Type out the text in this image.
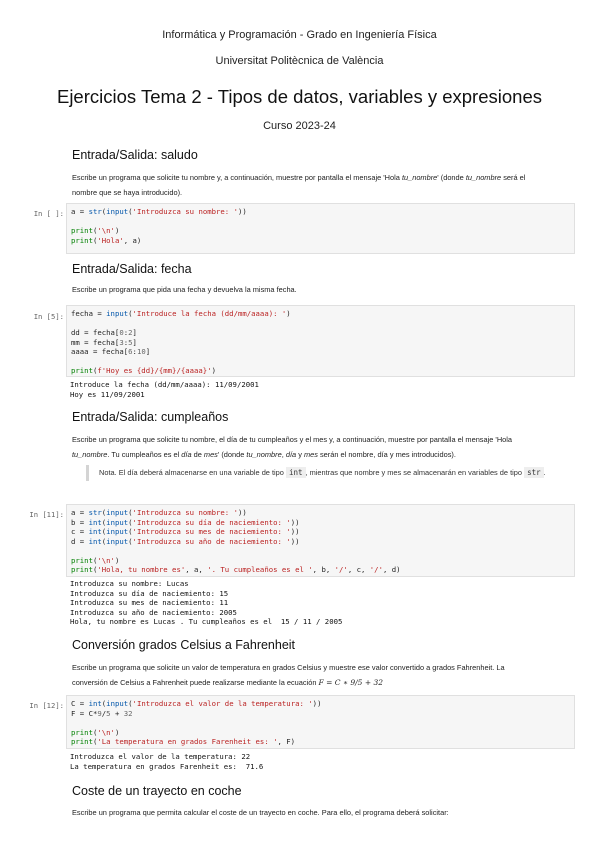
Informática y Programación - Grado en Ingeniería Física
Universitat Politècnica de València
Ejercicios Tema 2 - Tipos de datos, variables y expresiones
Curso 2023-24
Entrada/Salida: saludo
Escribe un programa que solicite tu nombre y, a continuación, muestre por pantalla el mensaje 'Hola tu_nombre' (donde tu_nombre será el nombre que se haya introducido).
In [ ]: a = str(input('Introduzca su nombre: '))

print('\n')
print('Hola', a)
Entrada/Salida: fecha
Escribe un programa que pida una fecha y devuelva la misma fecha.
In [5]: fecha = input('Introduce la fecha (dd/mm/aaaa): ')

dd = fecha[0:2]
mm = fecha[3:5]
aaaa = fecha[6:10]

print(f'Hoy es {dd}/{mm}/{aaaa}')
Introduce la fecha (dd/mm/aaaa): 11/09/2001
Hoy es 11/09/2001
Entrada/Salida: cumpleaños
Escribe un programa que solicite tu nombre, el día de tu cumpleaños y el mes y, a continuación, muestre por pantalla el mensaje 'Hola tu_nombre. Tu cumpleaños es el día de mes' (donde tu_nombre, día y mes serán el nombre, día y mes introducidos).
Nota. El día deberá almacenarse en una variable de tipo int , mientras que nombre y mes se almacenarán en variables de tipo str .
In [11]: a = str(input('Introduzca su nombre: '))
b = int(input('Introduzca su día de naciemiento: '))
c = int(input('Introduzca su mes de naciemiento: '))
d = int(input('Introduzca su año de naciemiento: '))

print('\n')
print('Hola, tu nombre es', a, '. Tu cumpleaños es el ', b, '/', c, '/', d)
Introduzca su nombre: Lucas
Introduzca su día de naciemiento: 15
Introduzca su mes de naciemiento: 11
Introduzca su año de naciemiento: 2005
Hola, tu nombre es Lucas . Tu cumpleaños es el  15 / 11 / 2005
Conversión grados Celsius a Fahrenheit
Escribe un programa que solicite un valor de temperatura en grados Celsius y muestre ese valor convertido a grados Fahrenheit. La conversión de Celsius a Fahrenheit puede realizarse mediante la ecuación F = C ∗ 9/5 + 32
In [12]: C = int(input('Introduzca el valor de la temperatura: '))
F = C*9/5 + 32

print('\n')
print('La temperatura en grados Farenheit es: ', F)
Introduzca el valor de la temperatura: 22
La temperatura en grados Farenheit es:  71.6
Coste de un trayecto en coche
Escribe un programa que permita calcular el coste de un trayecto en coche. Para ello, el programa deberá solicitar:
